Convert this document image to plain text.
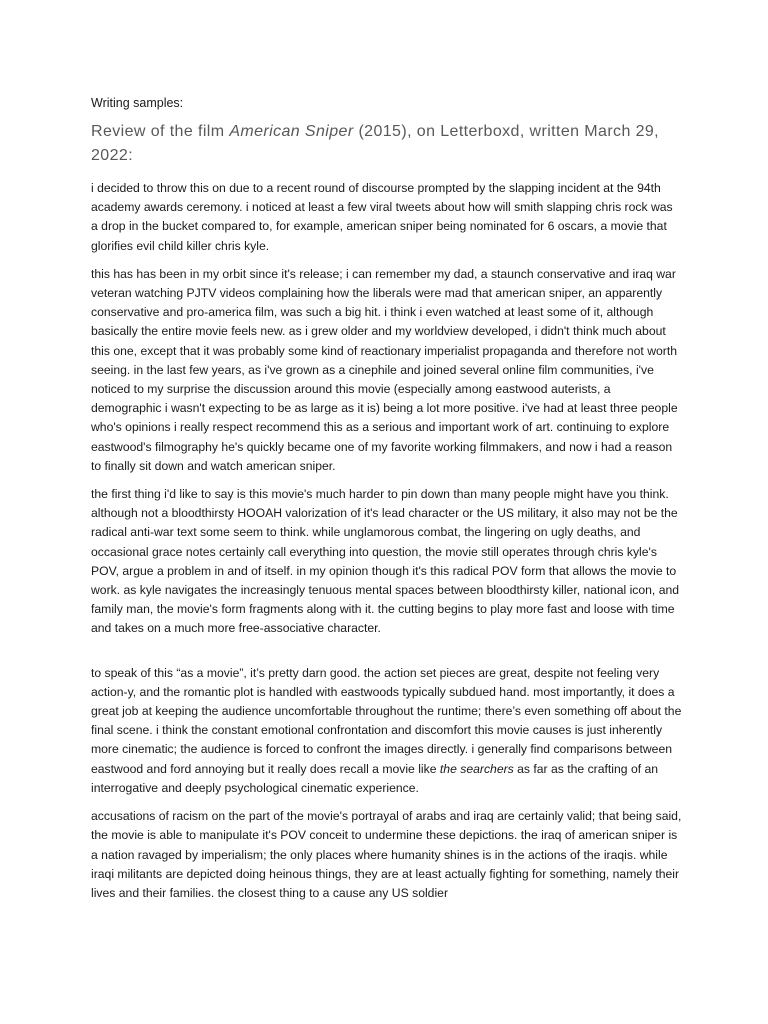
Writing samples:

Review of the film American Sniper (2015), on Letterboxd, written March 29, 2022:

i decided to throw this on due to a recent round of discourse prompted by the slapping incident at the 94th academy awards ceremony. i noticed at least a few viral tweets about how will smith slapping chris rock was a drop in the bucket compared to, for example, american sniper being nominated for 6 oscars, a movie that glorifies evil child killer chris kyle.

this has has been in my orbit since it's release; i can remember my dad, a staunch conservative and iraq war veteran watching PJTV videos complaining how the liberals were mad that american sniper, an apparently conservative and pro-america film, was such a big hit. i think i even watched at least some of it, although basically the entire movie feels new. as i grew older and my worldview developed, i didn't think much about this one, except that it was probably some kind of reactionary imperialist propaganda and therefore not worth seeing. in the last few years, as i've grown as a cinephile and joined several online film communities, i've noticed to my surprise the discussion around this movie (especially among eastwood auterists, a demographic i wasn't expecting to be as large as it is) being a lot more positive. i've had at least three people who's opinions i really respect recommend this as a serious and important work of art. continuing to explore eastwood's filmography he's quickly became one of my favorite working filmmakers, and now i had a reason to finally sit down and watch american sniper.

the first thing i'd like to say is this movie's much harder to pin down than many people might have you think. although not a bloodthirsty HOOAH valorization of it's lead character or the US military, it also may not be the radical anti-war text some seem to think. while unglamorous combat, the lingering on ugly deaths, and occasional grace notes certainly call everything into question, the movie still operates through chris kyle's POV, argue a problem in and of itself. in my opinion though it's this radical POV form that allows the movie to work. as kyle navigates the increasingly tenuous mental spaces between bloodthirsty killer, national icon, and family man, the movie's form fragments along with it. the cutting begins to play more fast and loose with time and takes on a much more free-associative character.

to speak of this “as a movie”, it’s pretty darn good. the action set pieces are great, despite not feeling very action-y, and the romantic plot is handled with eastwoods typically subdued hand. most importantly, it does a great job at keeping the audience uncomfortable throughout the runtime; there’s even something off about the final scene. i think the constant emotional confrontation and discomfort this movie causes is just inherently more cinematic; the audience is forced to confront the images directly. i generally find comparisons between eastwood and ford annoying but it really does recall a movie like the searchers as far as the crafting of an interrogative and deeply psychological cinematic experience.

accusations of racism on the part of the movie's portrayal of arabs and iraq are certainly valid; that being said, the movie is able to manipulate it's POV conceit to undermine these depictions. the iraq of american sniper is a nation ravaged by imperialism; the only places where humanity shines is in the actions of the iraqis. while iraqi militants are depicted doing heinous things, they are at least actually fighting for something, namely their lives and their families. the closest thing to a cause any US soldier
